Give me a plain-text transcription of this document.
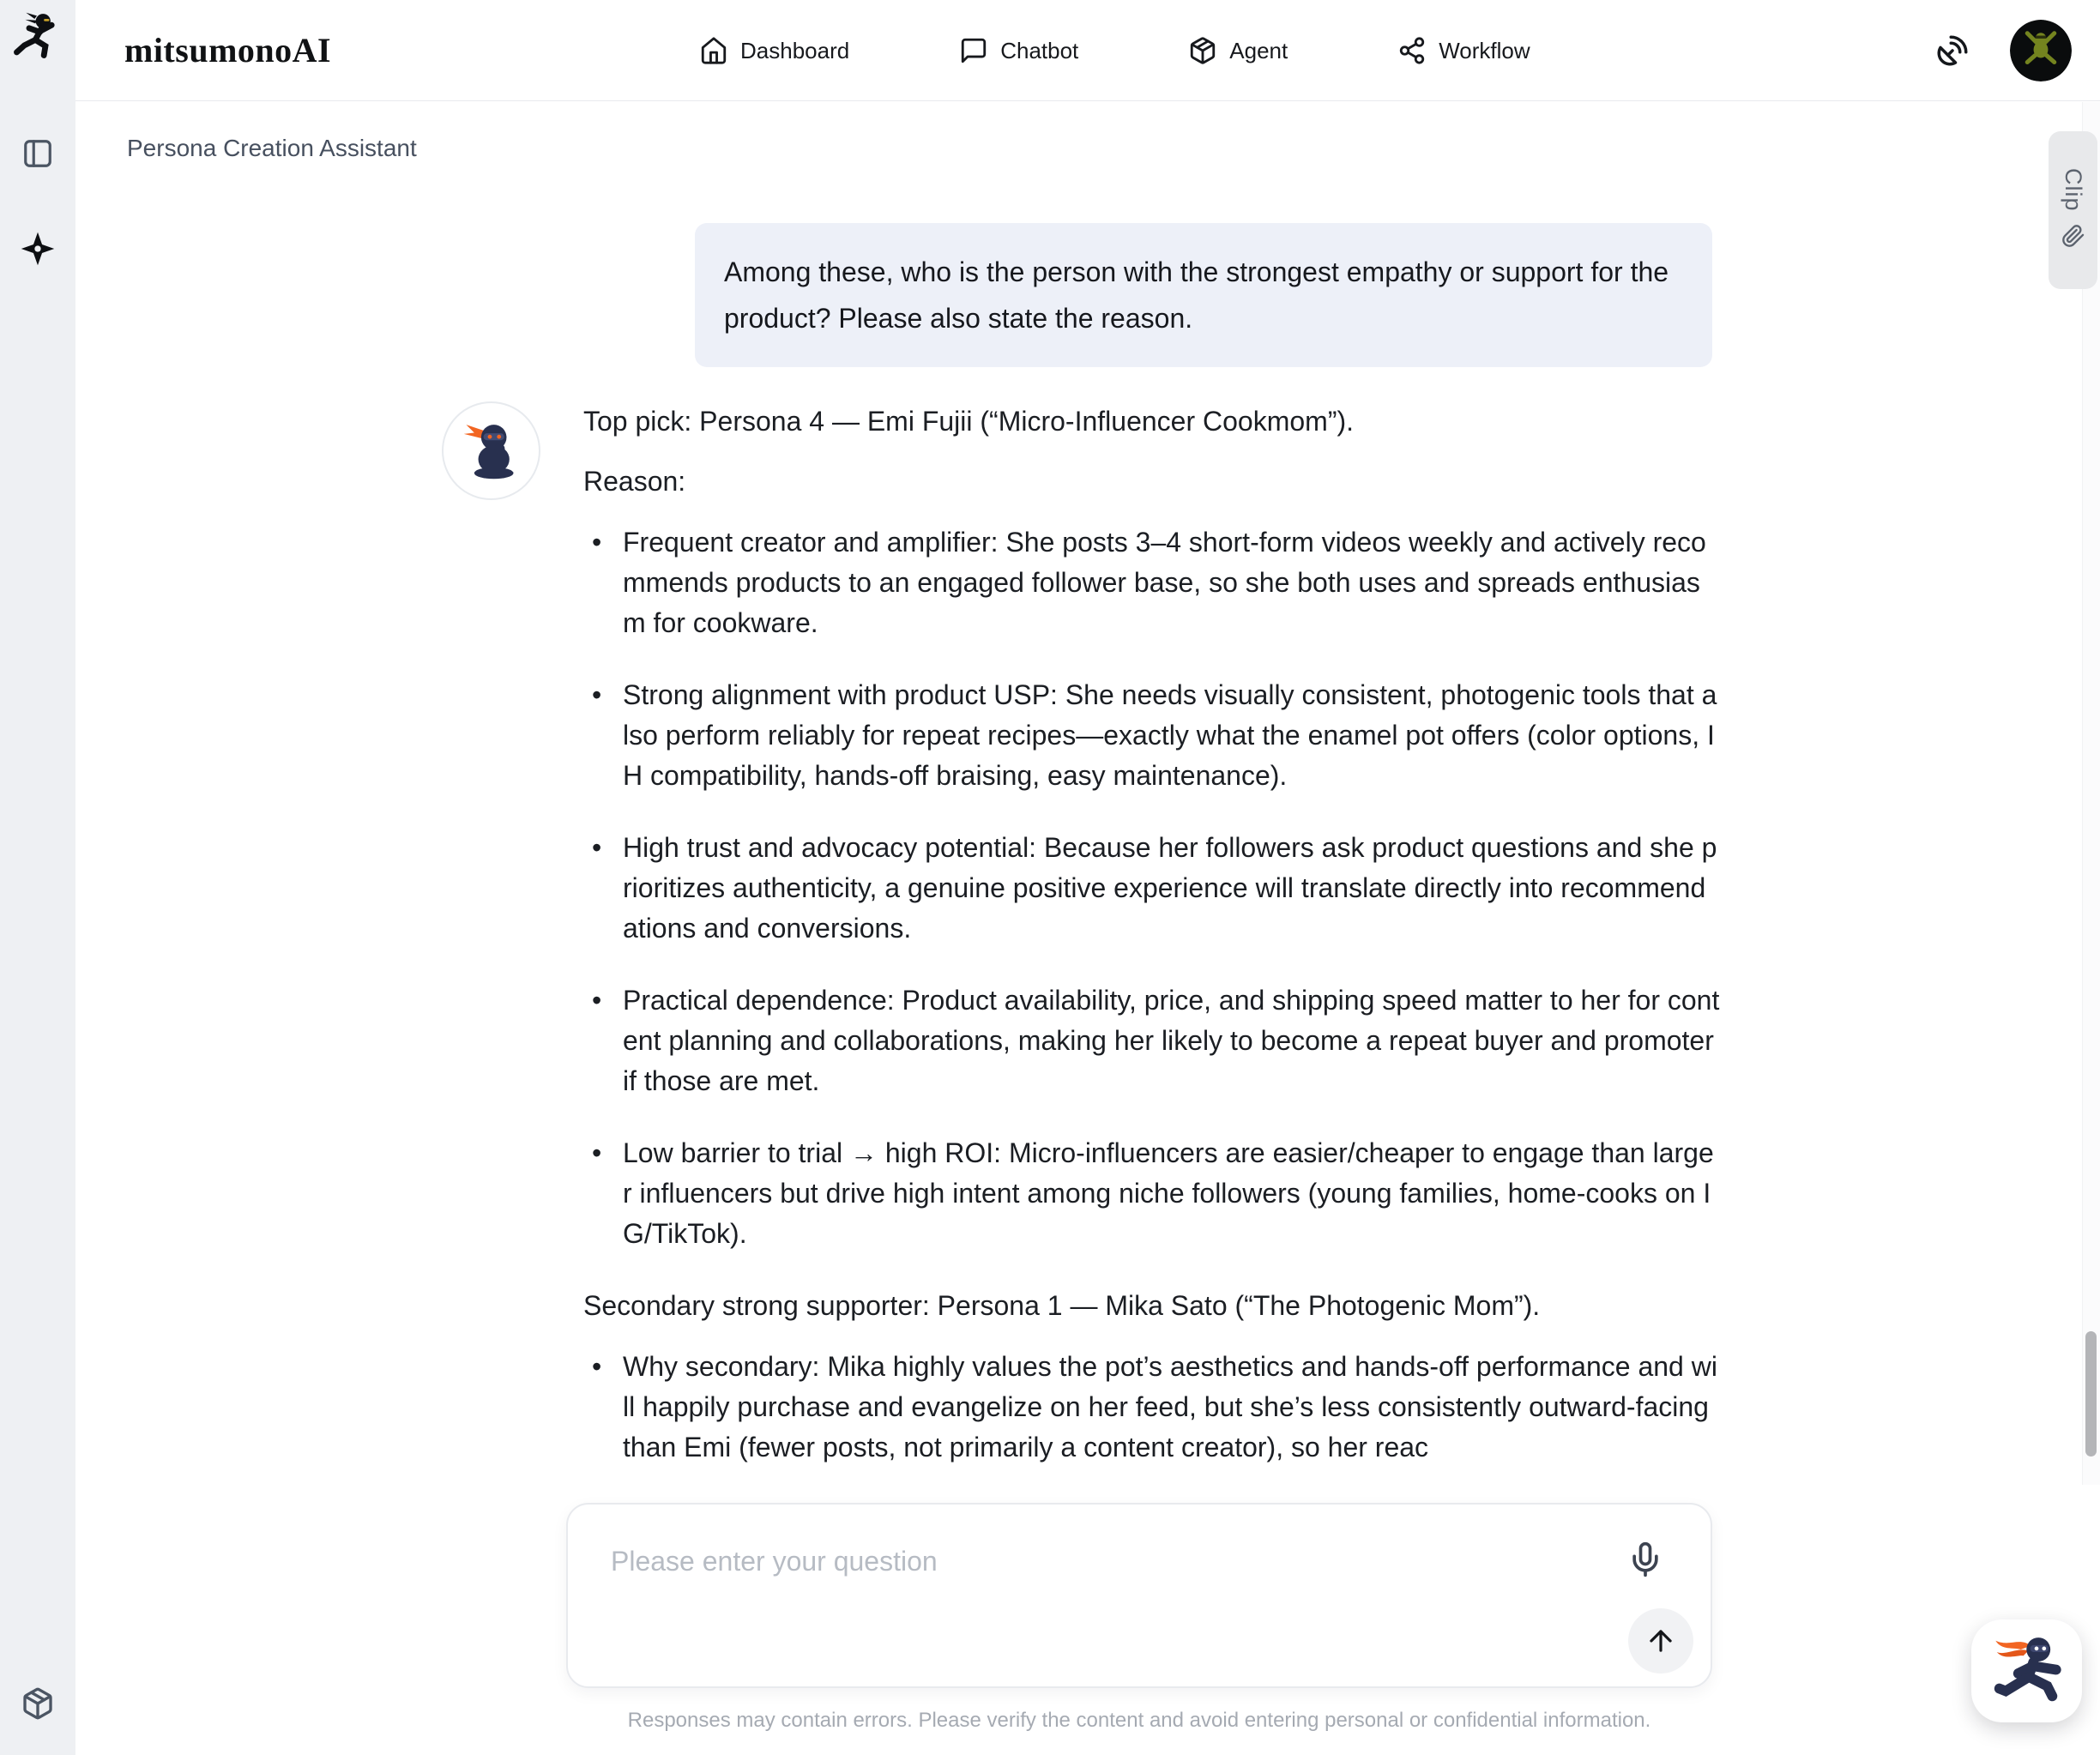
mitsumonoAI	Dashboard	Chatbot	Agent	Workflow
Persona Creation Assistant
Among these, who is the person with the strongest empathy or support for the product? Please also state the reason.

Top pick: Persona 4 — Emi Fujii (“Micro-Influencer Cookmom”).

Reason:

• Frequent creator and amplifier: She posts 3–4 short-form videos weekly and actively recommends products to an engaged follower base, so she both uses and spreads enthusiasm for cookware.
• Strong alignment with product USP: She needs visually consistent, photogenic tools that also perform reliably for repeat recipes—exactly what the enamel pot offers (color options, IH compatibility, hands-off braising, easy maintenance).
• High trust and advocacy potential: Because her followers ask product questions and she prioritizes authenticity, a genuine positive experience will translate directly into recommendations and conversions.
• Practical dependence: Product availability, price, and shipping speed matter to her for content planning and collaborations, making her likely to become a repeat buyer and promoter if those are met.
• Low barrier to trial → high ROI: Micro-influencers are easier/cheaper to engage than larger influencers but drive high intent among niche followers (young families, home-cooks on IG/TikTok).

Secondary strong supporter: Persona 1 — Mika Sato (“The Photogenic Mom”).

• Why secondary: Mika highly values the pot’s aesthetics and hands-off performance and will happily purchase and evangelize on her feed, but she’s less consistently outward-facing than Emi (fewer posts, not primarily a content creator), so her reac
Clip
Please enter your question
Responses may contain errors. Please verify the content and avoid entering personal or confidential information.
